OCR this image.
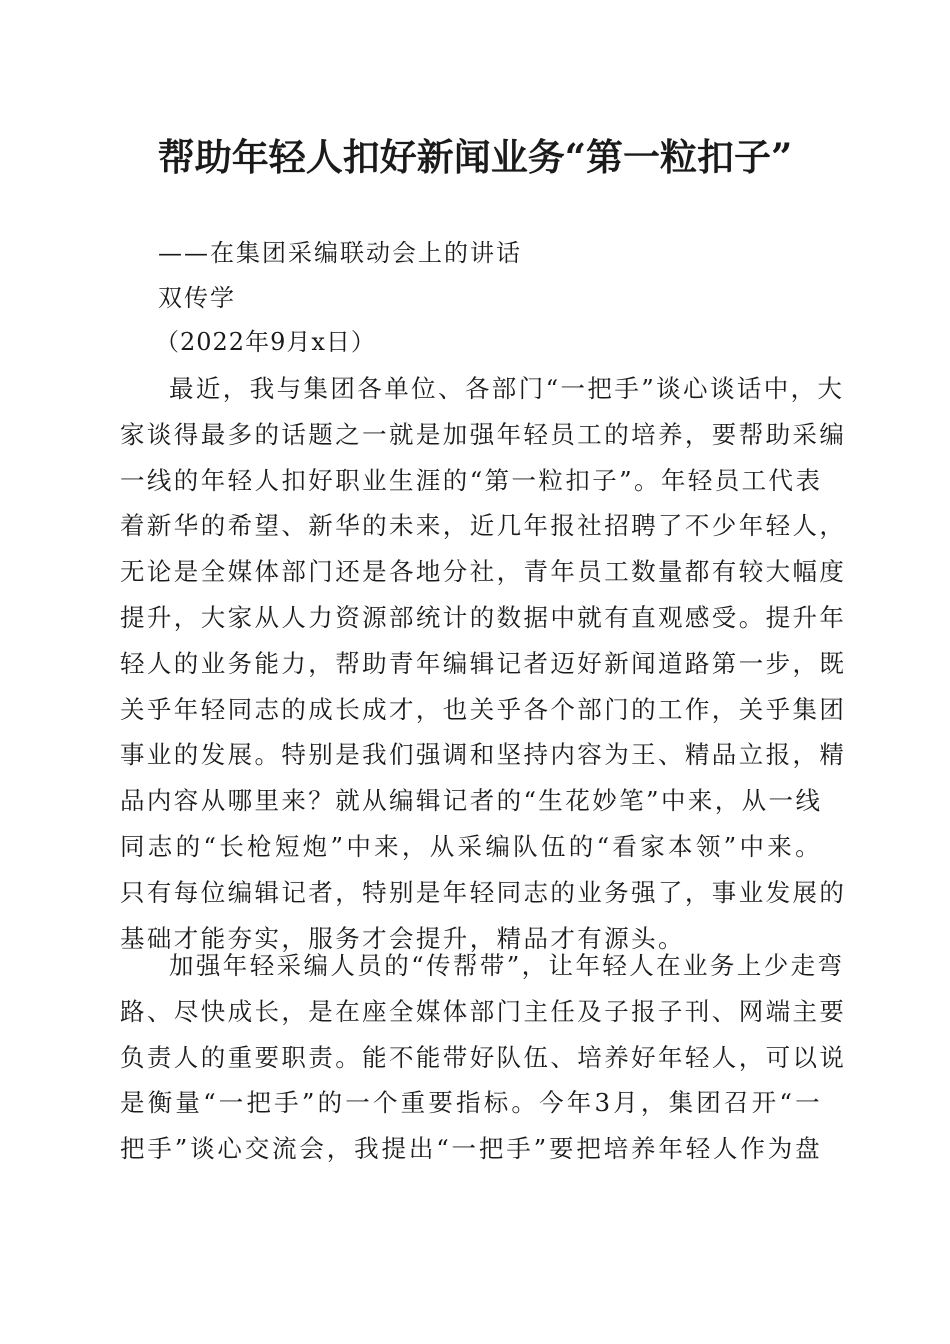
帮助年轻人扣好新闻业务“第一粒扣子”

——在集团采编联动会上的讲话

双传学

（2022年9月x日）

最近，我与集团各单位、各部门“一把手”谈心谈话中，大
家谈得最多的话题之一就是加强年轻员工的培养，要帮助采编
一线的年轻人扣好职业生涯的“第一粒扣子”。年轻员工代表
着新华的希望、新华的未来，近几年报社招聘了不少年轻人，
无论是全媒体部门还是各地分社，青年员工数量都有较大幅度
提升，大家从人力资源部统计的数据中就有直观感受。提升年
轻人的业务能力，帮助青年编辑记者迈好新闻道路第一步，既
关乎年轻同志的成长成才，也关乎各个部门的工作，关乎集团
事业的发展。特别是我们强调和坚持内容为王、精品立报，精
品内容从哪里来？就从编辑记者的“生花妙笔”中来，从一线
同志的“长枪短炮”中来，从采编队伍的“看家本领”中来。
只有每位编辑记者，特别是年轻同志的业务强了，事业发展的
基础才能夯实，服务才会提升，精品才有源头。
加强年轻采编人员的“传帮带”，让年轻人在业务上少走弯
路、尽快成长，是在座全媒体部门主任及子报子刊、网端主要
负责人的重要职责。能不能带好队伍、培养好年轻人，可以说
是衡量“一把手”的一个重要指标。今年3月，集团召开“一
把手”谈心交流会，我提出“一把手”要把培养年轻人作为盘
